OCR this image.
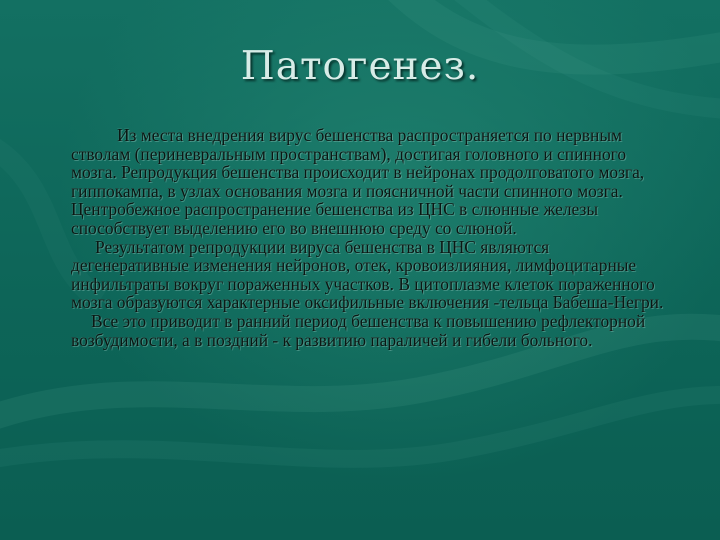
Патогенез.

Из места внедрения вирус бешенства распространяется по нервным стволам (периневральным пространствам), достигая головного и спинного мозга. Репродукция бешенства происходит в нейронах продолговатого мозга, гиппокампа, в узлах основания мозга и поясничной части спинного мозга. Центробежное распространение бешенства из ЦНС в слюнные железы способствует выделению его во внешнюю среду со слюной.

Результатом репродукции вируса бешенства в ЦНС являются дегенеративные изменения нейронов, отек, кровоизлияния, лимфоцитарные инфильтраты вокруг пораженных участков. В цитоплазме клеток пораженного мозга образуются характерные оксифильные включения -тельца Бабеша-Негри.

Все это приводит в ранний период бешенства к повышению рефлекторной возбудимости, а в поздний - к развитию параличей и гибели больного.
